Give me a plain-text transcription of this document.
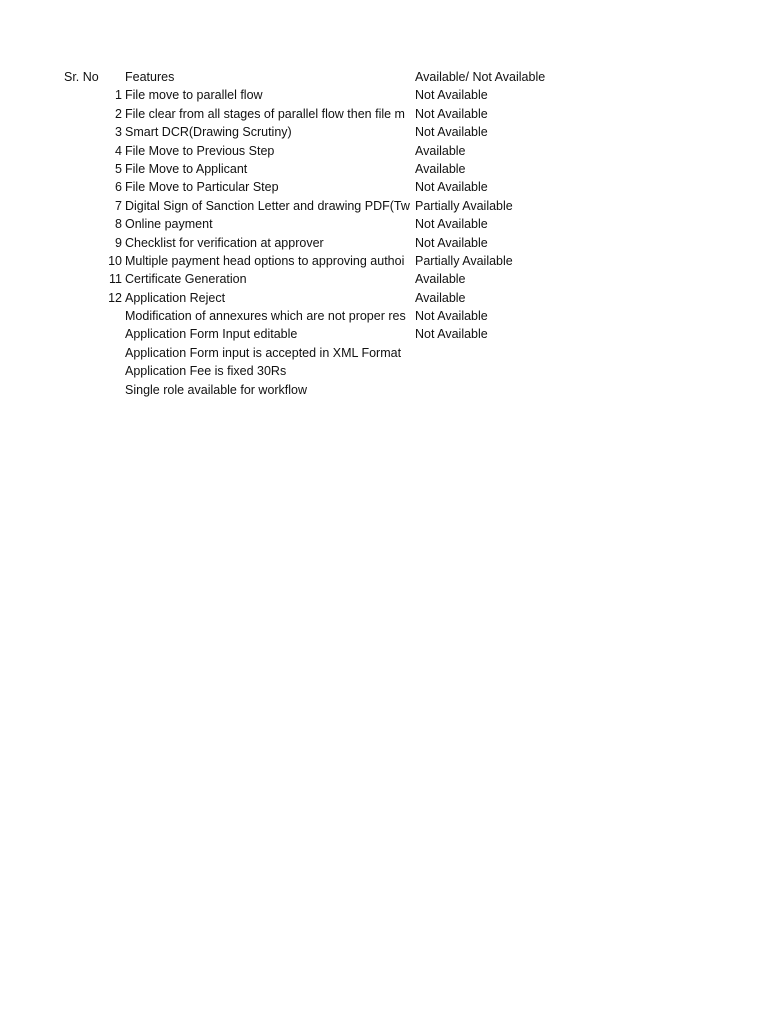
Sr. No	Features	Available/ Not Available
1 File move to parallel flow	Not Available
2 File clear from all stages of parallel flow then file m Not Available
3 Smart DCR(Drawing Scrutiny)	Not Available
4 File Move to Previous Step	Available
5 File Move to Applicant	Available
6 File Move to Particular Step	Not Available
7 Digital Sign of Sanction Letter and drawing PDF(Tw Partially Available
8 Online payment	Not Available
9 Checklist for verification at approver	Not Available
10 Multiple payment head options to approving authoi Partially Available
11 Certificate Generation	Available
12 Application Reject	Available
Modification of annexures which are not proper res Not Available
Application Form Input editable	Not Available
Application Form input is accepted in XML Format
Application Fee is fixed 30Rs
Single role available for workflow
